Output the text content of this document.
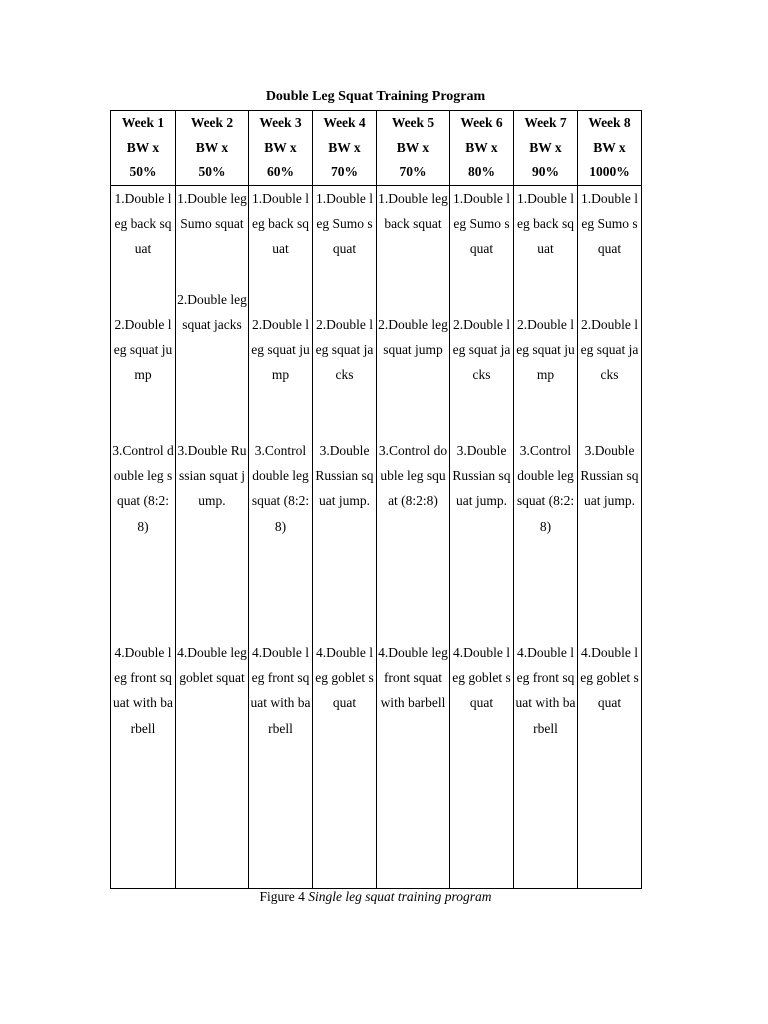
Double Leg Squat Training Program
Week 1
BW x
50%	Week 2
BW x
50%	Week 3
BW x
60%	Week 4
BW x
70%	Week 5
BW x
70%	Week 6
BW x
80%	Week 7
BW x
90%	Week 8
BW x
1000%

1.Double leg back squat
2.Double leg squat jump
3.Control double leg squat (8:2:8)
4.Double leg front squat with barbell	1.Double leg Sumo squat
2.Double leg squat jacks
3.Double Russian squat jump.
4.Double leg goblet squat	1.Double leg back squat
2.Double leg squat jump
3.Control double leg squat (8:2:8)
4.Double leg front squat with barbell	1.Double leg Sumo squat
2.Double leg squat jacks
3.Double Russian squat jump.
4.Double leg goblet squat	1.Double leg back squat
2.Double leg squat jump
3.Control double leg squat (8:2:8)
4.Double leg front squat with barbell	1.Double leg Sumo squat
2.Double leg squat jacks
3.Double Russian squat jump.
4.Double leg goblet squat	1.Double leg back squat
2.Double leg squat jump
3.Control double leg squat (8:2:8)
4.Double leg front squat with barbell	1.Double leg Sumo squat
2.Double leg squat jacks
3.Double Russian squat jump.
4.Double leg goblet squat
Figure 4 Single leg squat training program
